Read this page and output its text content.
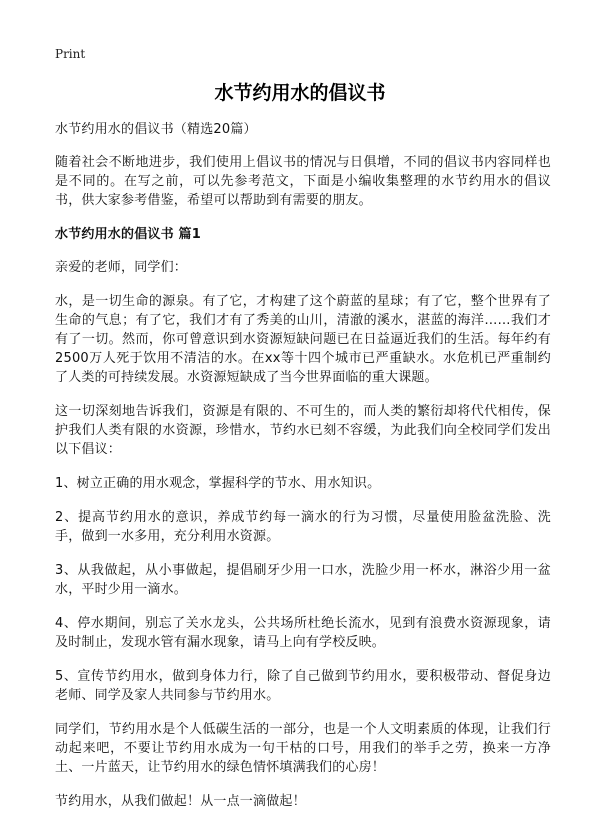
Print
水节约用水的倡议书
水节约用水的倡议书（精选20篇）
随着社会不断地进步，我们使用上倡议书的情况与日俱增，不同的倡议书内容同样也是不同的。在写之前，可以先参考范文，下面是小编收集整理的水节约用水的倡议书，供大家参考借鉴，希望可以帮助到有需要的朋友。
水节约用水的倡议书 篇1
亲爱的老师，同学们：
水，是一切生命的源泉。有了它，才构建了这个蔚蓝的星球；有了它，整个世界有了生命的气息；有了它，我们才有了秀美的山川，清澈的溪水，湛蓝的海洋……我们才有了一切。然而，你可曾意识到水资源短缺问题已在日益逼近我们的生活。每年约有2500万人死于饮用不清洁的水。在xx等十四个城市已严重缺水。水危机已严重制约了人类的可持续发展。水资源短缺成了当今世界面临的重大课题。
这一切深刻地告诉我们，资源是有限的、不可生的，而人类的繁衍却将代代相传，保护我们人类有限的水资源，珍惜水，节约水已刻不容缓，为此我们向全校同学们发出以下倡议：
1、树立正确的用水观念，掌握科学的节水、用水知识。
2、提高节约用水的意识，养成节约每一滴水的行为习惯，尽量使用脸盆洗脸、洗手，做到一水多用，充分利用水资源。
3、从我做起，从小事做起，提倡刷牙少用一口水，洗脸少用一杯水，淋浴少用一盆水，平时少用一滴水。
4、停水期间，别忘了关水龙头，公共场所杜绝长流水，见到有浪费水资源现象，请及时制止，发现水管有漏水现象，请马上向有学校反映。
5、宣传节约用水，做到身体力行，除了自己做到节约用水，要积极带动、督促身边老师、同学及家人共同参与节约用水。
同学们，节约用水是个人低碳生活的一部分，也是一个人文明素质的体现，让我们行动起来吧，不要让节约用水成为一句干枯的口号，用我们的举手之劳，换来一方净土、一片蓝天，让节约用水的绿色情怀填满我们的心房！
节约用水，从我们做起！从一点一滴做起！
